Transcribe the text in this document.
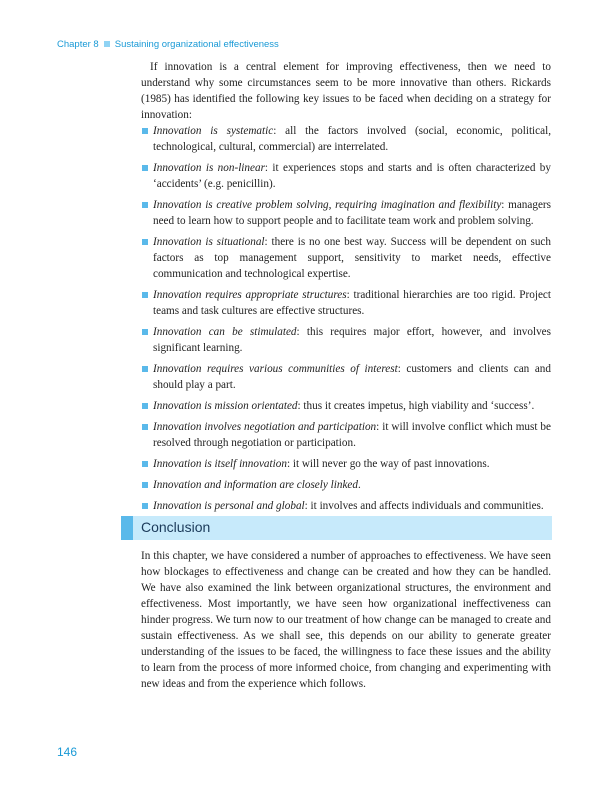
Chapter 8 Sustaining organizational effectiveness

If innovation is a central element for improving effectiveness, then we need to understand why some circumstances seem to be more innovative than others. Rickards (1985) has identified the following key issues to be faced when deciding on a strategy for innovation:

Innovation is systematic: all the factors involved (social, economic, political, technological, cultural, commercial) are interrelated.
Innovation is non-linear: it experiences stops and starts and is often characterized by ‘accidents’ (e.g. penicillin).
Innovation is creative problem solving, requiring imagination and flexibility: managers need to learn how to support people and to facilitate team work and problem solving.
Innovation is situational: there is no one best way. Success will be dependent on such factors as top management support, sensitivity to market needs, effective communication and technological expertise.
Innovation requires appropriate structures: traditional hierarchies are too rigid. Project teams and task cultures are effective structures.
Innovation can be stimulated: this requires major effort, however, and involves significant learning.
Innovation requires various communities of interest: customers and clients can and should play a part.
Innovation is mission orientated: thus it creates impetus, high viability and ‘success’.
Innovation involves negotiation and participation: it will involve conflict which must be resolved through negotiation or participation.
Innovation is itself innovation: it will never go the way of past innovations.
Innovation and information are closely linked.
Innovation is personal and global: it involves and affects individuals and communities.
Conclusion

In this chapter, we have considered a number of approaches to effectiveness. We have seen how blockages to effectiveness and change can be created and how they can be handled. We have also examined the link between organizational structures, the environment and effectiveness. Most importantly, we have seen how organizational ineffectiveness can hinder progress. We turn now to our treatment of how change can be managed to create and sustain effectiveness. As we shall see, this depends on our ability to generate greater understanding of the issues to be faced, the willingness to face these issues and the ability to learn from the process of more informed choice, from changing and experimenting with new ideas and from the experience which follows.

146
